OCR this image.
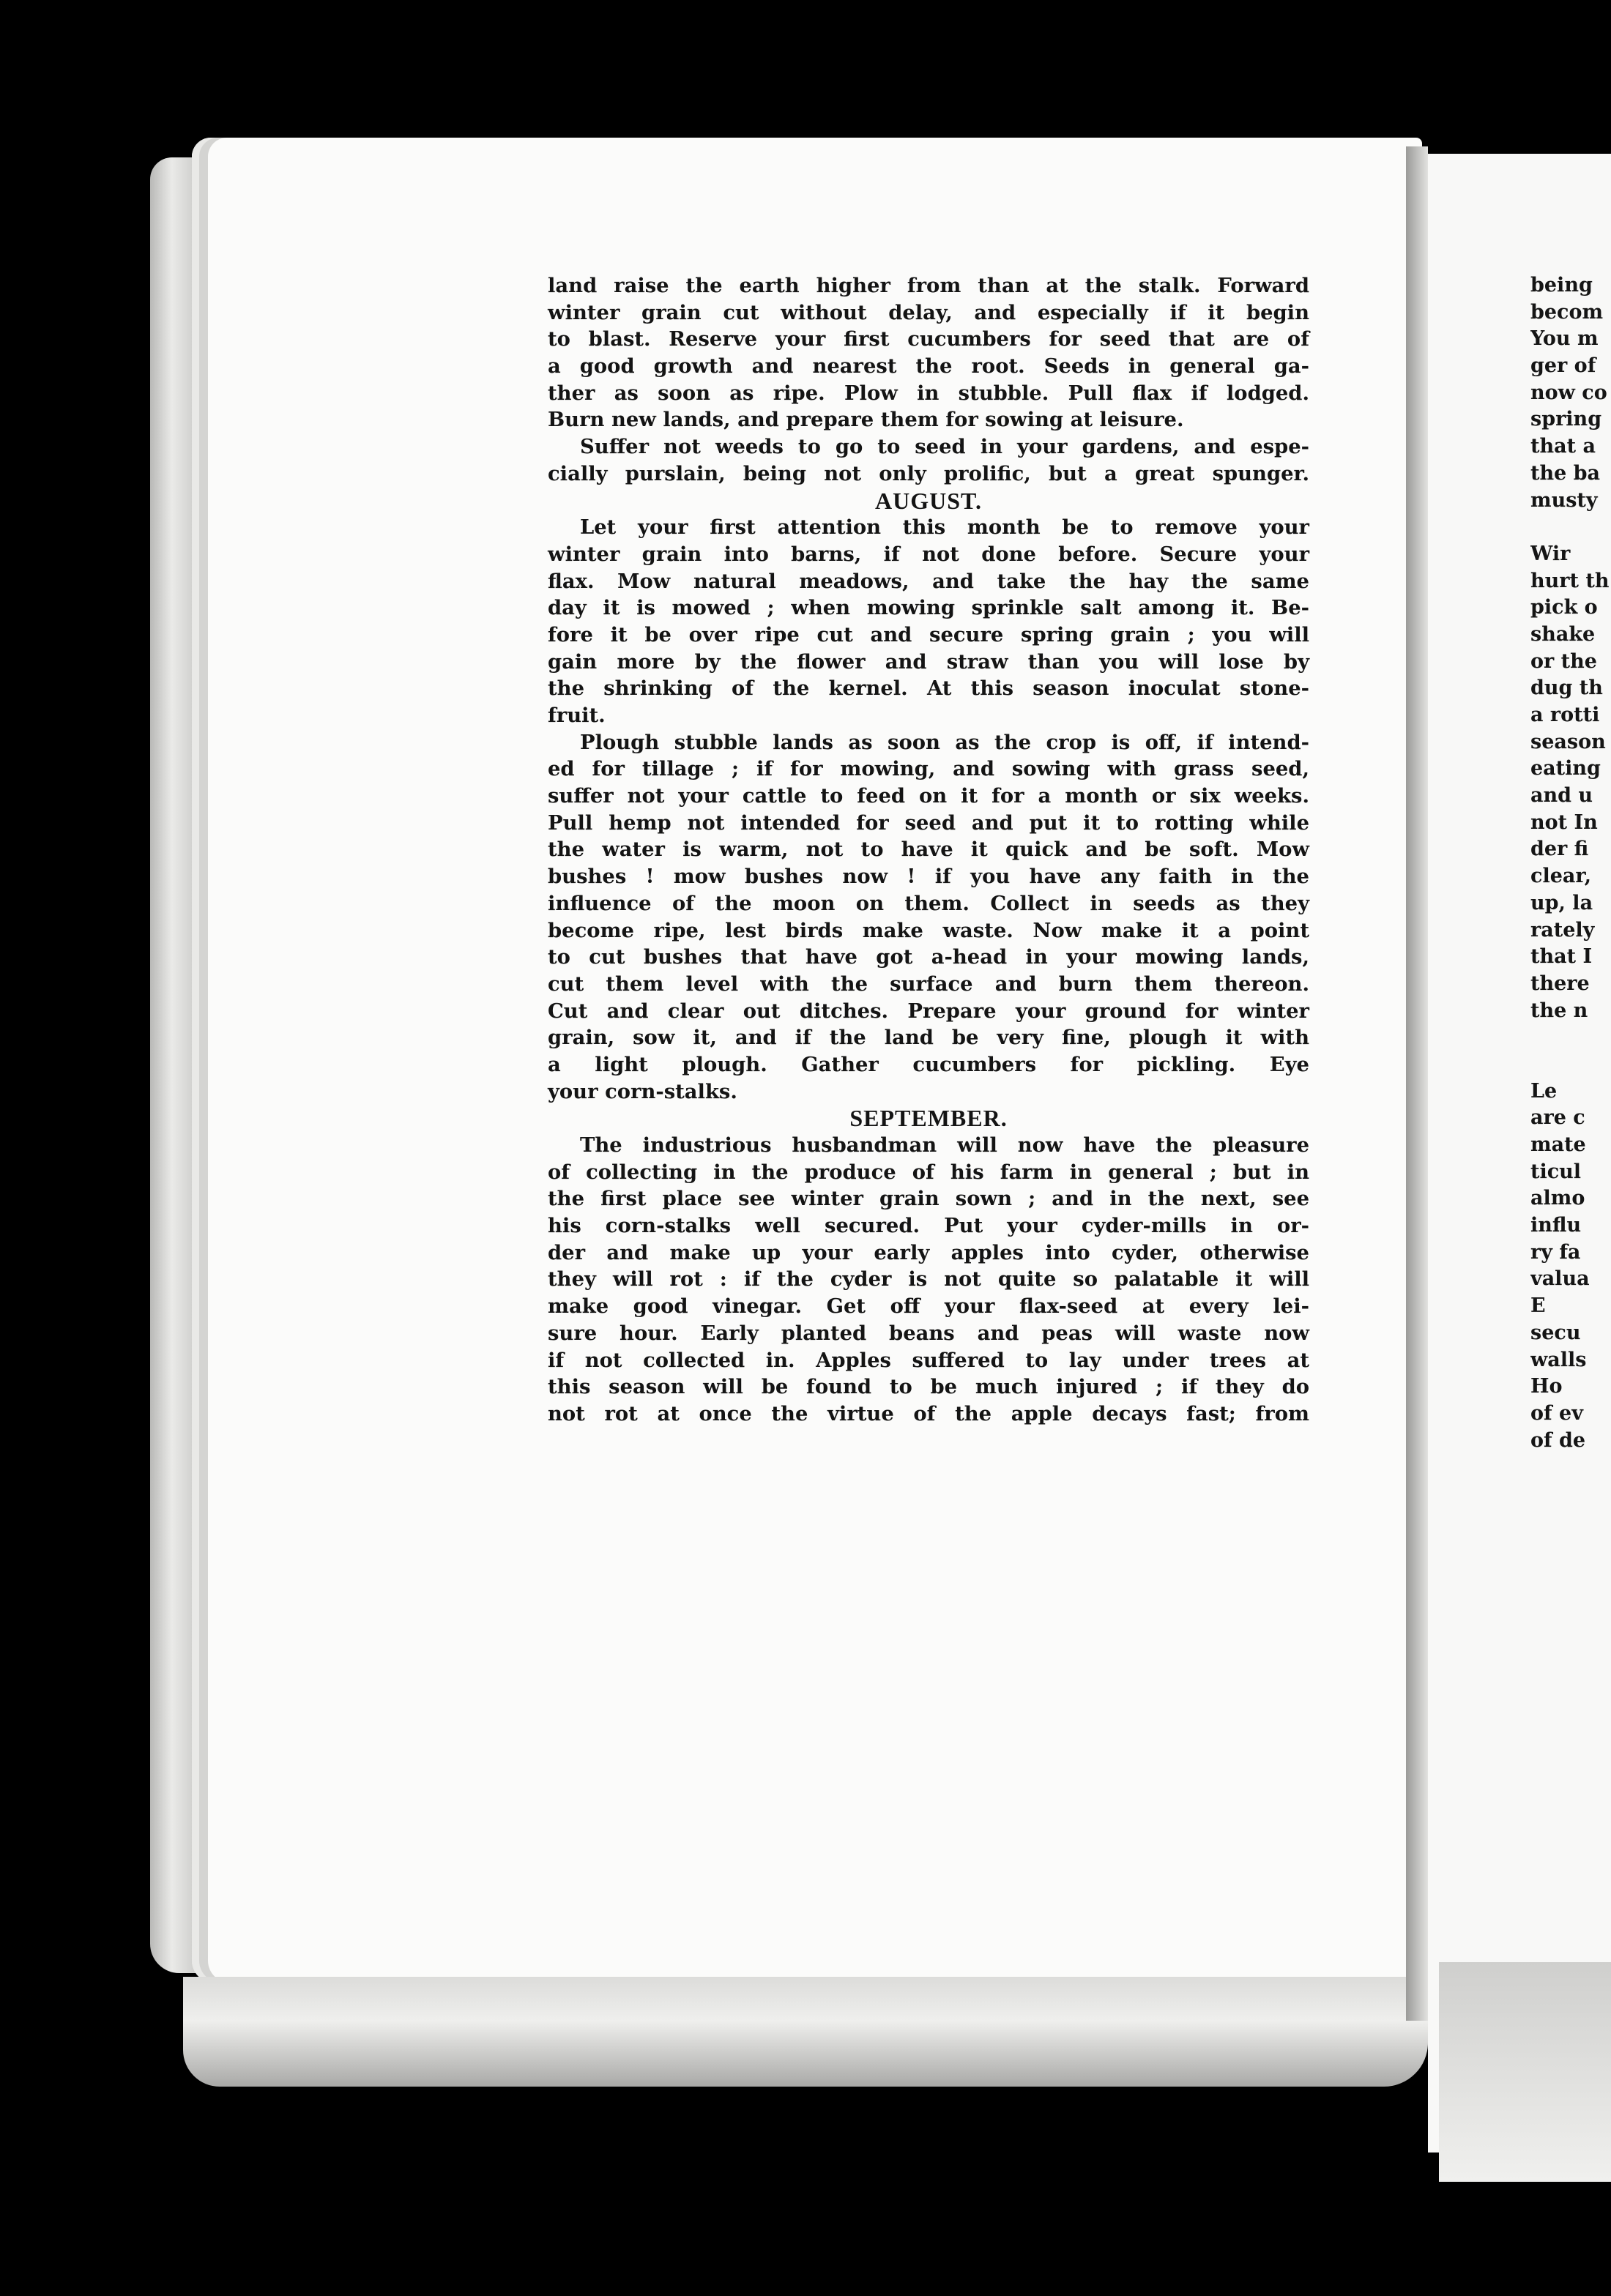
land raise the earth higher from than at the stalk. Forward
winter grain cut without delay, and especially if it begin
to blast. Reserve your first cucumbers for seed that are of
a good growth and nearest the root. Seeds in general ga-
ther as soon as ripe. Plow in stubble. Pull flax if lodged.
Burn new lands, and prepare them for sowing at leisure.
Suffer not weeds to go to seed in your gardens, and espe-
cially purslain, being not only prolific, but a great spunger.
AUGUST.
Let your first attention this month be to remove your
winter grain into barns, if not done before. Secure your
flax. Mow natural meadows, and take the hay the same
day it is mowed ; when mowing sprinkle salt among it. Be-
fore it be over ripe cut and secure spring grain ; you will
gain more by the flower and straw than you will lose by
the shrinking of the kernel. At this season inoculat stone-
fruit.
Plough stubble lands as soon as the crop is off, if intend-
ed for tillage ; if for mowing, and sowing with grass seed,
suffer not your cattle to feed on it for a month or six weeks.
Pull hemp not intended for seed and put it to rotting while
the water is warm, not to have it quick and be soft. Mow
bushes ! mow bushes now ! if you have any faith in the
influence of the moon on them. Collect in seeds as they
become ripe, lest birds make waste. Now make it a point
to cut bushes that have got a-head in your mowing lands,
cut them level with the surface and burn them thereon.
Cut and clear out ditches. Prepare your ground for winter
grain, sow it, and if the land be very fine, plough it with
a light plough. Gather cucumbers for pickling. Eye
your corn-stalks.
SEPTEMBER.
The industrious husbandman will now have the pleasure
of collecting in the produce of his farm in general ; but in
the first place see winter grain sown ; and in the next, see
his corn-stalks well secured. Put your cyder-mills in or-
der and make up your early apples into cyder, otherwise
they will rot : if the cyder is not quite so palatable it will
make good vinegar. Get off your flax-seed at every lei-
sure hour. Early planted beans and peas will waste now
if not collected in. Apples suffered to lay under trees at
this season will be found to be much injured ; if they do
not rot at once the virtue of the apple decays fast; from
being
becom
You m
ger of
now co
spring
that a
the ba
musty
Wir
hurt th
pick o
shake
or the
dug th
a rotti
season
eating
and u
not In
der fi
clear,
up, la
rately
that I
there
the n
Le
are c
mate
ticul
almo
influ
ry fa
valua
E
secu
walls
Ho
of ev
of de
